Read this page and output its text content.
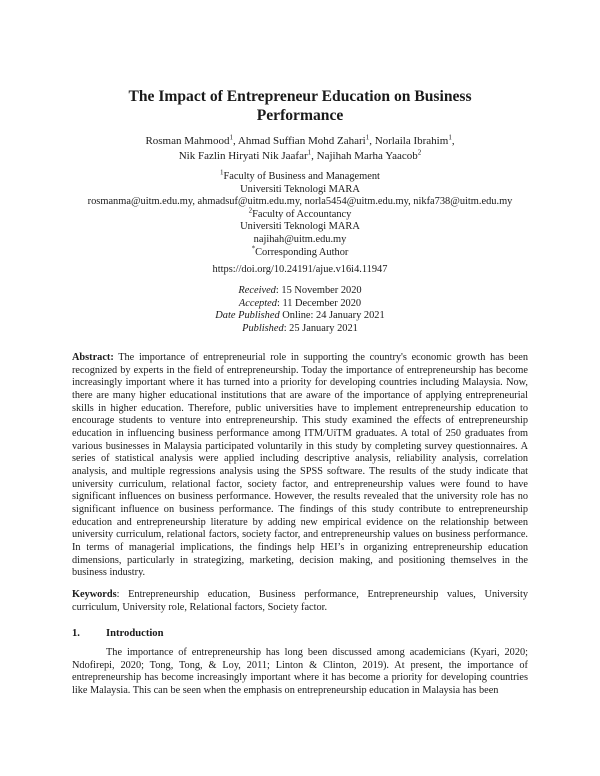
The Impact of Entrepreneur Education on Business
Performance
Rosman Mahmood$^1$, Ahmad Suffian Mohd Zahari$^1$, Norlaila Ibrahim$^1$,
Nik Fazlin Hiryati Nik Jaafar$^1$, Najihah Marha Yaacob$^2$
$^1$Faculty of Business and Management
Universiti Teknologi MARA
rosmanma@uitm.edu.my, ahmadsuf@uitm.edu.my, norla5454@uitm.edu.my, nikfa738@uitm.edu.my
$^2$Faculty of Accountancy
Universiti Teknologi MARA
najihah@uitm.edu.my
*Corresponding Author
https://doi.org/10.24191/ajue.v16i4.11947
Received: 15 November 2020
Accepted: 11 December 2020
Date Published Online: 24 January 2021
Published: 25 January 2021
Abstract: The importance of entrepreneurial role in supporting the country's economic growth has been recognized by experts in the field of entrepreneurship. Today the importance of entrepreneurship has become increasingly important where it has turned into a priority for developing countries including Malaysia. Now, there are many higher educational institutions that are aware of the importance of applying entrepreneurial skills in higher education. Therefore, public universities have to implement entrepreneurship education to encourage students to venture into entrepreneurship. This study examined the effects of entrepreneurship education in influencing business performance among ITM/UiTM graduates. A total of 250 graduates from various businesses in Malaysia participated voluntarily in this study by completing survey questionnaires. A series of statistical analysis were applied including descriptive analysis, reliability analysis, correlation analysis, and multiple regressions analysis using the SPSS software. The results of the study indicate that university curriculum, relational factor, society factor, and entrepreneurship values were found to have significant influences on business performance. However, the results revealed that the university role has no significant influence on business performance. The findings of this study contribute to entrepreneurship education and entrepreneurship literature by adding new empirical evidence on the relationship between university curriculum, relational factors, society factor, and entrepreneurship values on business performance. In terms of managerial implications, the findings help HEI’s in organizing entrepreneurship education dimensions, particularly in strategizing, marketing, decision making, and positioning themselves in the business industry.
Keywords: Entrepreneurship education, Business performance, Entrepreneurship values, University curriculum, University role, Relational factors, Society factor.
1. Introduction
The importance of entrepreneurship has long been discussed among academicians (Kyari, 2020; Ndofirepi, 2020; Tong, Tong, & Loy, 2011; Linton & Clinton, 2019). At present, the importance of entrepreneurship has become increasingly important where it has become a priority for developing countries like Malaysia. This can be seen when the emphasis on entrepreneurship education in Malaysia has been
